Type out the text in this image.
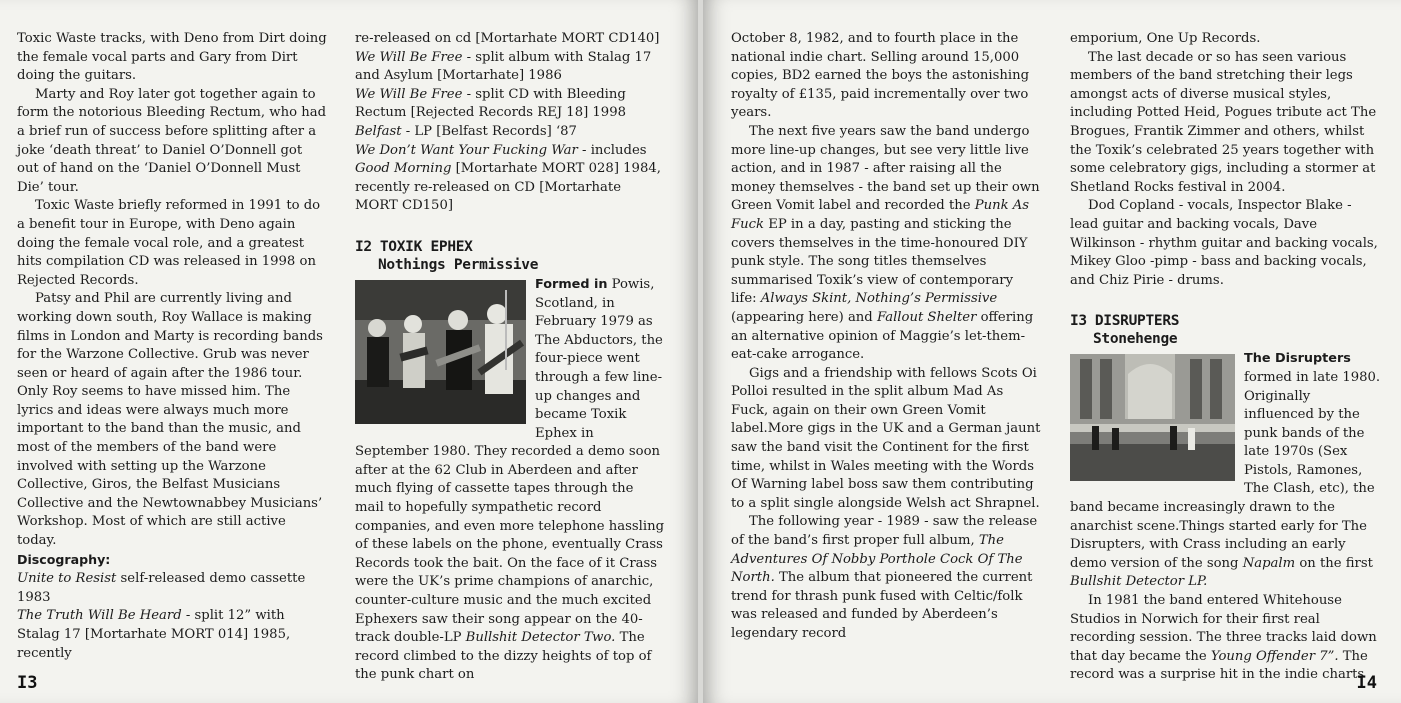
Toxic Waste tracks, with Deno from Dirt doing the female vocal parts and Gary from Dirt doing the guitars.

Marty and Roy later got together again to form the notorious Bleeding Rectum, who had a brief run of success before splitting after a joke ‘death threat’ to Daniel O’Donnell got out of hand on the ‘Daniel O’Donnell Must Die’ tour.

Toxic Waste briefly reformed in 1991 to do a benefit tour in Europe, with Deno again doing the female vocal role, and a greatest hits compilation CD was released in 1998 on Rejected Records.

Patsy and Phil are currently living and working down south, Roy Wallace is making films in London and Marty is recording bands for the Warzone Collective. Grub was never seen or heard of again after the 1986 tour. Only Roy seems to have missed him. The lyrics and ideas were always much more important to the band than the music, and most of the members of the band were involved with setting up the Warzone Collective, Giros, the Belfast Musicians Collective and the Newtownabbey Musicians’ Workshop. Most of which are still active today.

Discography:

Unite to Resist self-released demo cassette 1983

The Truth Will Be Heard - split 12” with Stalag 17 [Mortarhate MORT 014] 1985, recently

re-released on cd [Mortarhate MORT CD140]

We Will Be Free - split album with Stalag 17 and Asylum [Mortarhate] 1986

We Will Be Free - split CD with Bleeding Rectum [Rejected Records REJ 18] 1998

Belfast - LP [Belfast Records] ‘87

We Don’t Want Your Fucking War - includes Good Morning [Mortarhate MORT 028] 1984, recently re-released on CD [Mortarhate MORT CD150]

I2 TOXIK EPHEX
Nothings Permissive

Formed in Powis, Scotland, in February 1979 as The Abductors, the four-piece went through a few line-up changes and became Toxik Ephex in September 1980. They recorded a demo soon after at the 62 Club in Aberdeen and after much flying of cassette tapes through the mail to hopefully sympathetic record companies, and even more telephone hassling of these labels on the phone, eventually Crass Records took the bait. On the face of it Crass were the UK’s prime champions of anarchic, counter-culture music and the much excited Ephexers saw their song appear on the 40-track double-LP Bullshit Detector Two. The record climbed to the dizzy heights of top of the punk chart on

I3

October 8, 1982, and to fourth place in the national indie chart. Selling around 15,000 copies, BD2 earned the boys the astonishing royalty of £135, paid incrementally over two years.

The next five years saw the band undergo more line-up changes, but see very little live action, and in 1987 - after raising all the money themselves - the band set up their own Green Vomit label and recorded the Punk As Fuck EP in a day, pasting and sticking the covers themselves in the time-honoured DIY punk style. The song titles themselves summarised Toxik’s view of contemporary life: Always Skint, Nothing’s Permissive (appearing here) and Fallout Shelter offering an alternative opinion of Maggie’s let-them-eat-cake arrogance.

Gigs and a friendship with fellows Scots Oi Polloi resulted in the split album Mad As Fuck, again on their own Green Vomit label.More gigs in the UK and a German jaunt saw the band visit the Continent for the first time, whilst in Wales meeting with the Words Of Warning label boss saw them contributing to a split single alongside Welsh act Shrapnel.

The following year - 1989 - saw the release of the band’s first proper full album, The Adventures Of Nobby Portholе Cock Of The North. The album that pioneered the current trend for thrash punk fused with Celtic/folk was released and funded by Aberdeen’s legendary record

emporium, One Up Records.

The last decade or so has seen various members of the band stretching their legs amongst acts of diverse musical styles, including Potted Heid, Pogues tribute act The Brogues, Frantik Zimmer and others, whilst the Toxik’s celebrated 25 years together with some celebratory gigs, including a stormer at Shetland Rocks festival in 2004.

Dod Copland - vocals, Inspector Blake - lead guitar and backing vocals, Dave Wilkinson - rhythm guitar and backing vocals, Mikey Gloo -pimp - bass and backing vocals, and Chiz Pirie - drums.

I3 DISRUPTERS
Stonehenge

The Disrupters formed in late 1980. Originally influenced by the punk bands of the late 1970s (Sex Pistols, Ramones, The Clash, etc), the band became increasingly drawn to the anarchist scene.Things started early for The Disrupters, with Crass including an early demo version of the song Napalm on the first Bullshit Detector LP.

In 1981 the band entered Whitehouse Studios in Norwich for their first real recording session. The three tracks laid down that day became the Young Offender 7”. The record was a surprise hit in the indie charts

I4
